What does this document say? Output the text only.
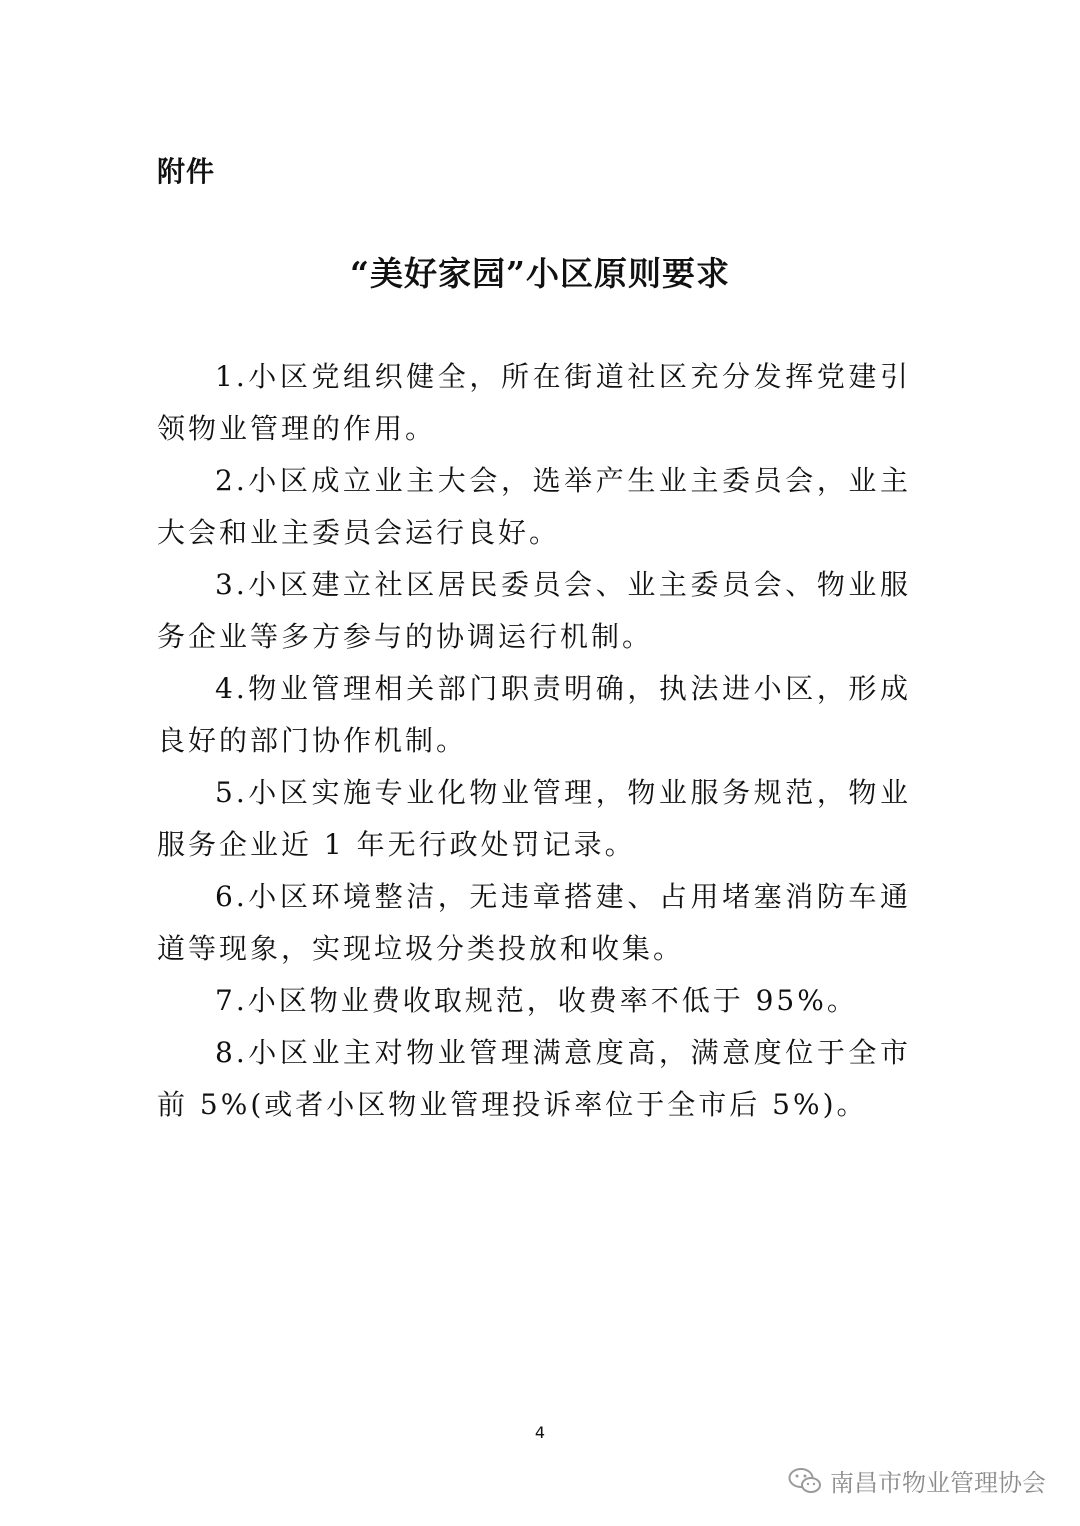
附件
“美好家园”小区原则要求

1.小区党组织健全，所在街道社区充分发挥党建引领物业管理的作用。

2.小区成立业主大会，选举产生业主委员会，业主大会和业主委员会运行良好。

3.小区建立社区居民委员会、业主委员会、物业服务企业等多方参与的协调运行机制。

4.物业管理相关部门职责明确，执法进小区，形成良好的部门协作机制。

5.小区实施专业化物业管理，物业服务规范，物业服务企业近 1 年无行政处罚记录。

6.小区环境整洁，无违章搭建、占用堵塞消防车通道等现象，实现垃圾分类投放和收集。

7.小区物业费收取规范，收费率不低于 95%。

8.小区业主对物业管理满意度高，满意度位于全市前 5%(或者小区物业管理投诉率位于全市后 5%)。

4
南昌市物业管理协会
